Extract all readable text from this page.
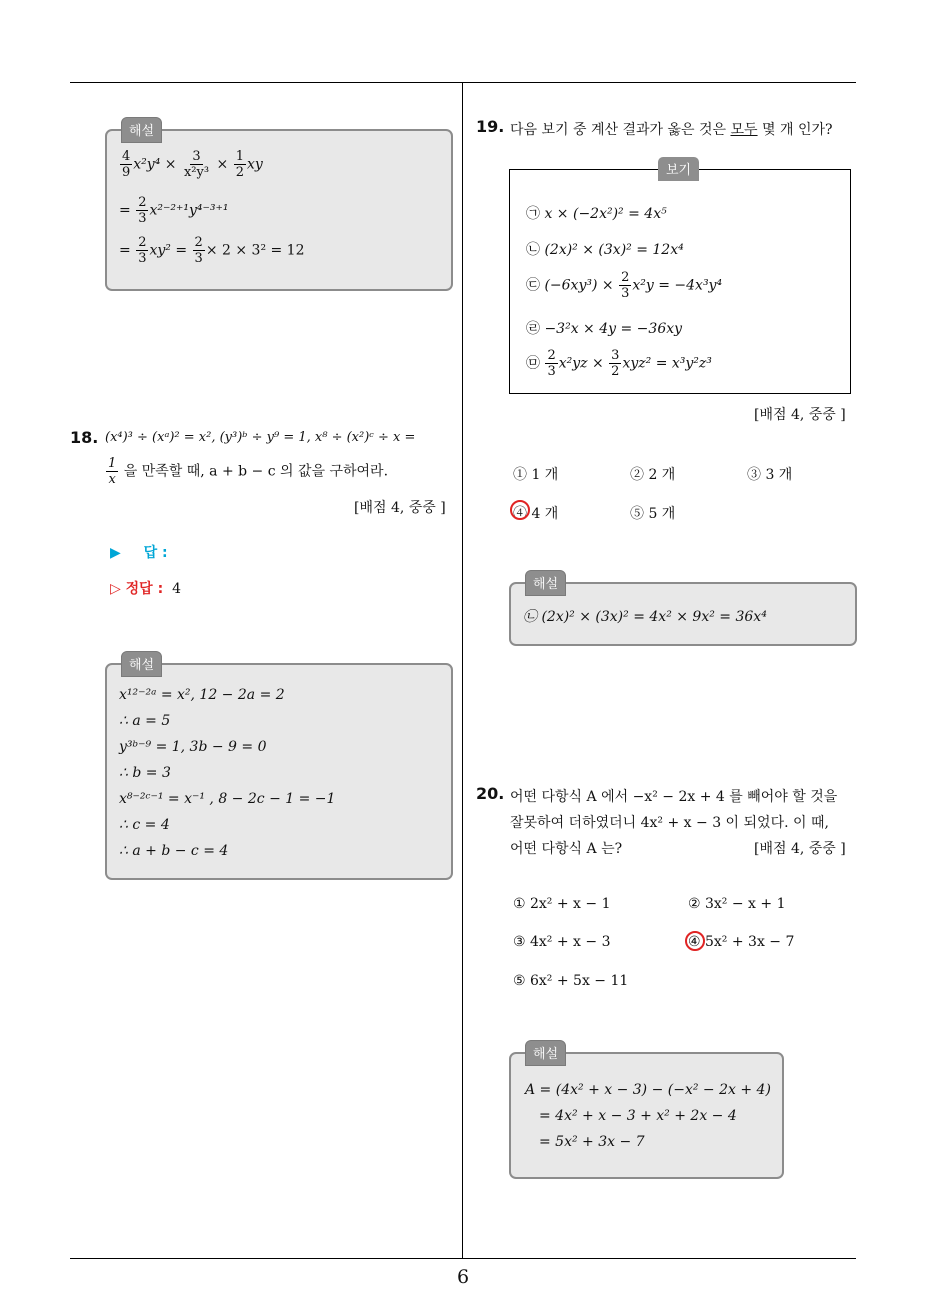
해설
$\frac{4}{9} x^2y^4 \times \frac{3}{\text{x²y³}} \times \frac{1}{2}$ xy
= $\frac{2}{3} x^{2-2+1}y^{4-3+1}$
= $\frac{2}{3} xy^2 = \frac{2}{3} \times 2 \times 3^2 = 12$
18. (x⁴)³ ÷ (xᵃ)² = x², (y³)ᵇ ÷ y⁹ = 1, x⁸ ÷ (x²)ᶜ ÷ x =
$\frac{1}{x}$ 을 만족할 때, a + b − c 의 값을 구하여라.
[배점 4, 중중 ]
▶ 답 :
▷ 정답 : 4
해설
x¹²⁻²ᵃ = x², 12 − 2a = 2
∴ a = 5
y³ᵇ⁻⁹ = 1, 3b − 9 = 0
∴ b = 3
x⁸⁻²ᶜ⁻¹ = x⁻¹ , 8 − 2c − 1 = −1
∴ c = 4
∴ a + b − c = 4
19. 다음 보기 중 계산 결과가 옳은 것은 모두 몇 개 인가?
보기
㉠ x × (−2x²)² = 4x⁵
㉡ (2x)² × (3x)² = 12x⁴
㉢ $(-6xy^3) \times \frac{2}{3} x^2y = -4x^3y^4$
㉣ −3²x × 4y = −36xy
㉤ $\frac{2}{3} x^2yz \times \frac{3}{2} xyz^2 = x^3y^2z^3$
[배점 4, 중중 ]
① 1 개	② 2 개	③ 3 개
④ 4 개	⑤ 5 개
해설
㉡ (2x)² × (3x)² = 4x² × 9x² = 36x⁴
20. 어떤 다항식 A 에서 −x² − 2x + 4 를 빼어야 할 것을
잘못하여 더하였더니 4x² + x − 3 이 되었다. 이 때,
어떤 다항식 A 는?	[배점 4, 중중 ]
① 2x² + x − 1	② 3x² − x + 1
③ 4x² + x − 3	④ 5x² + 3x − 7
⑤ 6x² + 5x − 11
해설
A = (4x² + x − 3) − (−x² − 2x + 4)
= 4x² + x − 3 + x² + 2x − 4
= 5x² + 3x − 7
6
